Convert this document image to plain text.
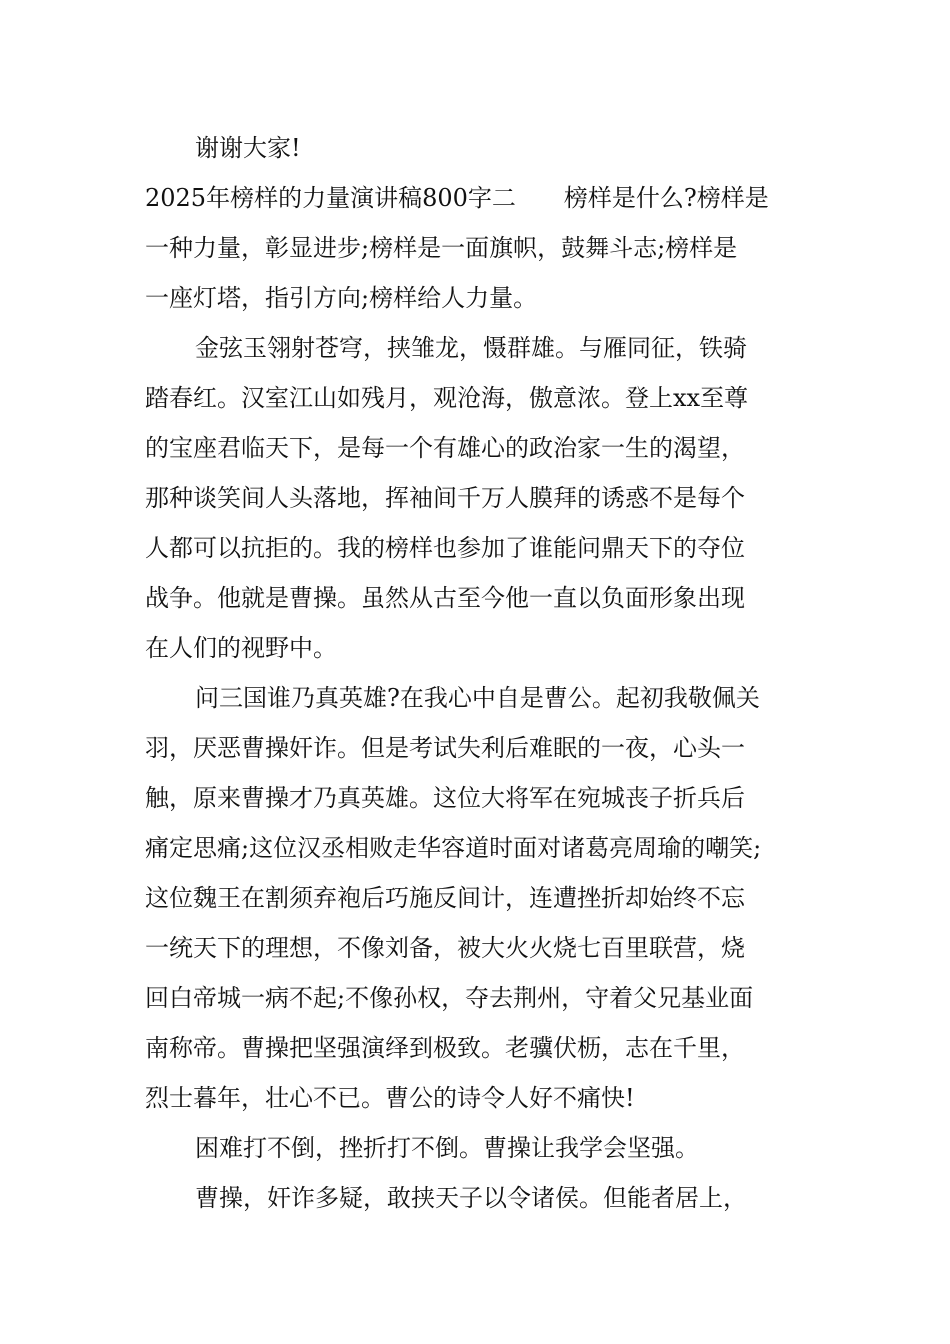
谢谢大家!
2025年榜样的力量演讲稿800字二　　榜样是什么?榜样是
一种力量，彰显进步;榜样是一面旗帜，鼓舞斗志;榜样是
一座灯塔，指引方向;榜样给人力量。
金弦玉翎射苍穹，挟雏龙，慑群雄。与雁同征，铁骑
踏春红。汉室江山如残月，观沧海，傲意浓。登上xx至尊
的宝座君临天下，是每一个有雄心的政治家一生的渴望，
那种谈笑间人头落地，挥袖间千万人膜拜的诱惑不是每个
人都可以抗拒的。我的榜样也参加了谁能问鼎天下的夺位
战争。他就是曹操。虽然从古至今他一直以负面形象出现
在人们的视野中。
问三国谁乃真英雄?在我心中自是曹公。起初我敬佩关
羽，厌恶曹操奸诈。但是考试失利后难眠的一夜，心头一
触，原来曹操才乃真英雄。这位大将军在宛城丧子折兵后
痛定思痛;这位汉丞相败走华容道时面对诸葛亮周瑜的嘲笑;
这位魏王在割须弃袍后巧施反间计，连遭挫折却始终不忘
一统天下的理想，不像刘备，被大火火烧七百里联营，烧
回白帝城一病不起;不像孙权，夺去荆州，守着父兄基业面
南称帝。曹操把坚强演绎到极致。老骥伏枥，志在千里，
烈士暮年，壮心不已。曹公的诗令人好不痛快!
困难打不倒，挫折打不倒。曹操让我学会坚强。
曹操，奸诈多疑，敢挟天子以令诸侯。但能者居上，
